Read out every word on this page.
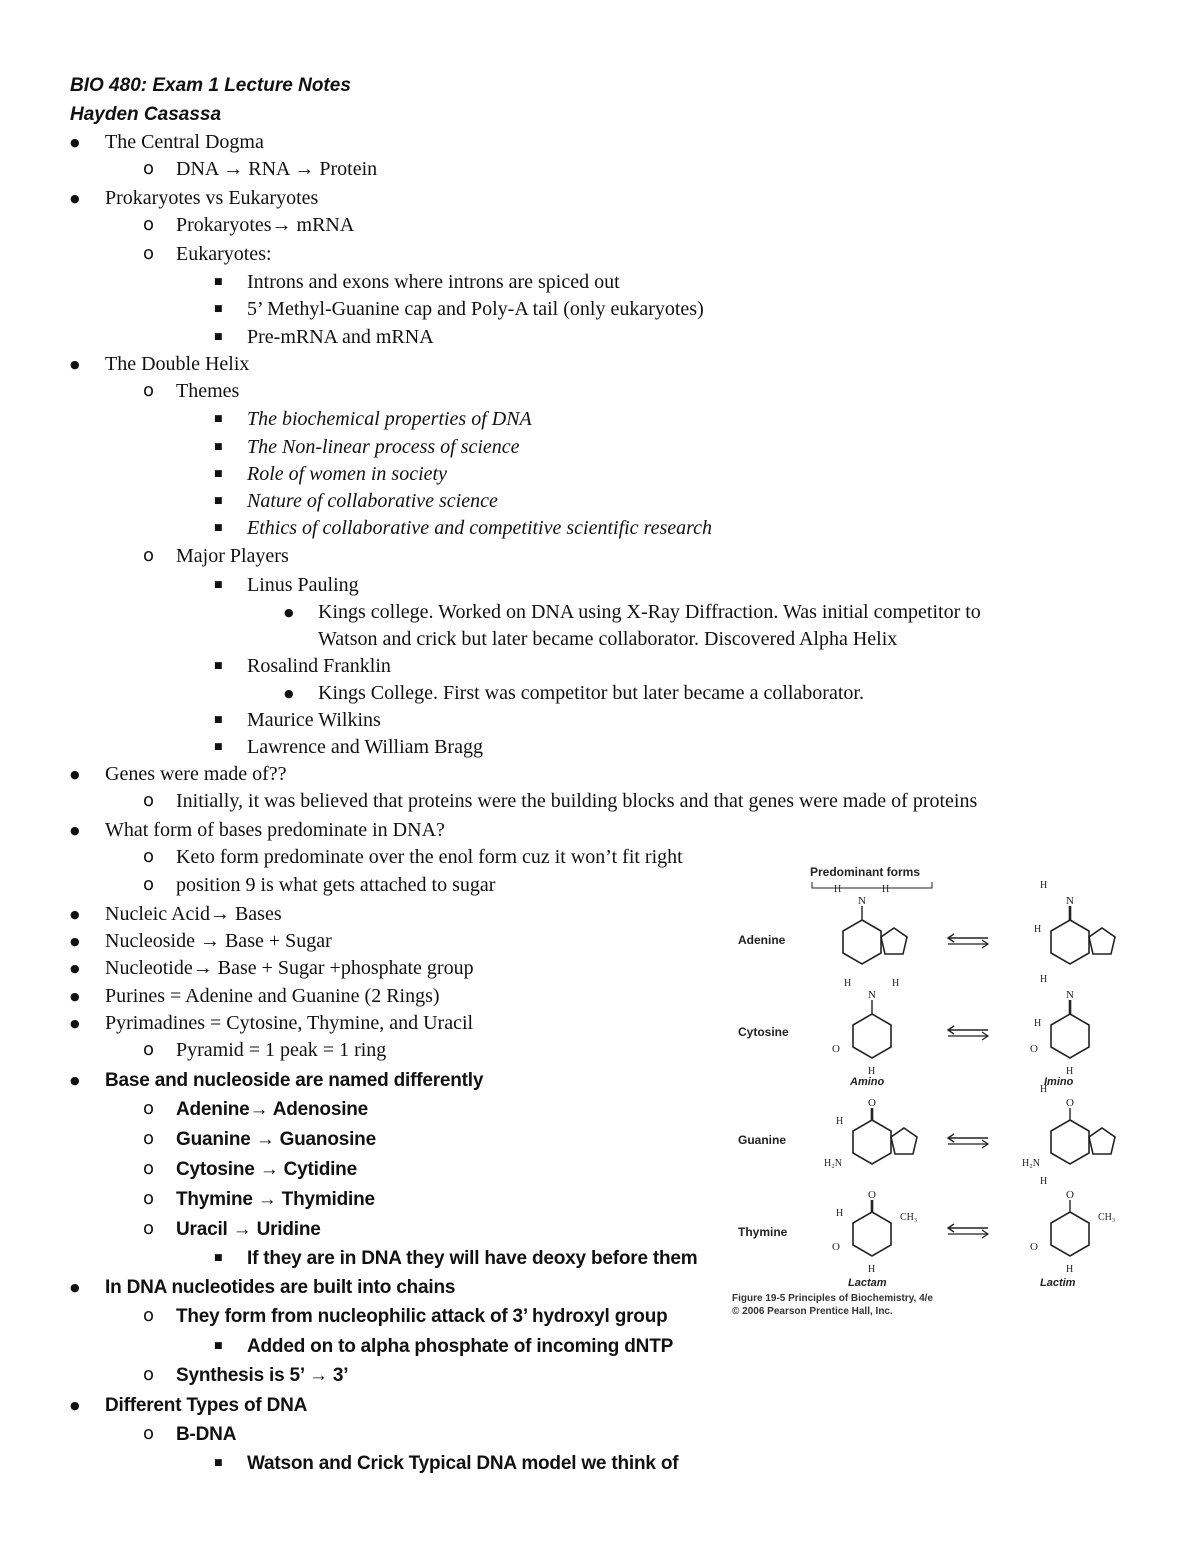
BIO 480: Exam 1 Lecture Notes
Hayden Casassa
● The Central Dogma
o DNA → RNA → Protein
● Prokaryotes vs Eukaryotes
o Prokaryotes→ mRNA
o Eukaryotes:
■ Introns and exons where introns are spiced out
■ 5’ Methyl-Guanine cap and Poly-A tail (only eukaryotes)
■ Pre-mRNA and mRNA
● The Double Helix
o Themes
■ The biochemical properties of DNA
■ The Non-linear process of science
■ Role of women in society
■ Nature of collaborative science
■ Ethics of collaborative and competitive scientific research
o Major Players
■ Linus Pauling
● Kings college. Worked on DNA using X-Ray Diffraction. Was initial competitor to
Watson and crick but later became collaborator. Discovered Alpha Helix
■ Rosalind Franklin
● Kings College. First was competitor but later became a collaborator.
■ Maurice Wilkins
■ Lawrence and William Bragg
● Genes were made of??
o Initially, it was believed that proteins were the building blocks and that genes were made of proteins
● What form of bases predominate in DNA?
o Keto form predominate over the enol form cuz it won’t fit right
o position 9 is what gets attached to sugar
● Nucleic Acid→ Bases
● Nucleoside → Base + Sugar
● Nucleotide→ Base + Sugar +phosphate group
● Purines = Adenine and Guanine (2 Rings)
● Pyrimadines = Cytosine, Thymine, and Uracil
o Pyramid = 1 peak = 1 ring
● Base and nucleoside are named differently
o Adenine→ Adenosine
o Guanine → Guanosine
o Cytosine → Cytidine
o Thymine → Thymidine
o Uracil → Uridine
■ If they are in DNA they will have deoxy before them
● In DNA nucleotides are built into chains
o They form from nucleophilic attack of 3’ hydroxyl group
■ Added on to alpha phosphate of incoming dNTP
o Synthesis is 5’ → 3’
● Different Types of DNA
o B-DNA
■ Watson and Crick Typical DNA model we think of
Predominant forms
Adenine
N
H	H
N
H
H
Cytosine
N
H	H
O
H
Amino
N
H
H
O
H
Imino
Guanine
O
H
H₂N
O
H
H₂N
Thymine
O
H	CH₃
O
H
Lactam
O
H
CH₃
O
H
Lactim
Figure 19-5 Principles of Biochemistry, 4/e
© 2006 Pearson Prentice Hall, Inc.
